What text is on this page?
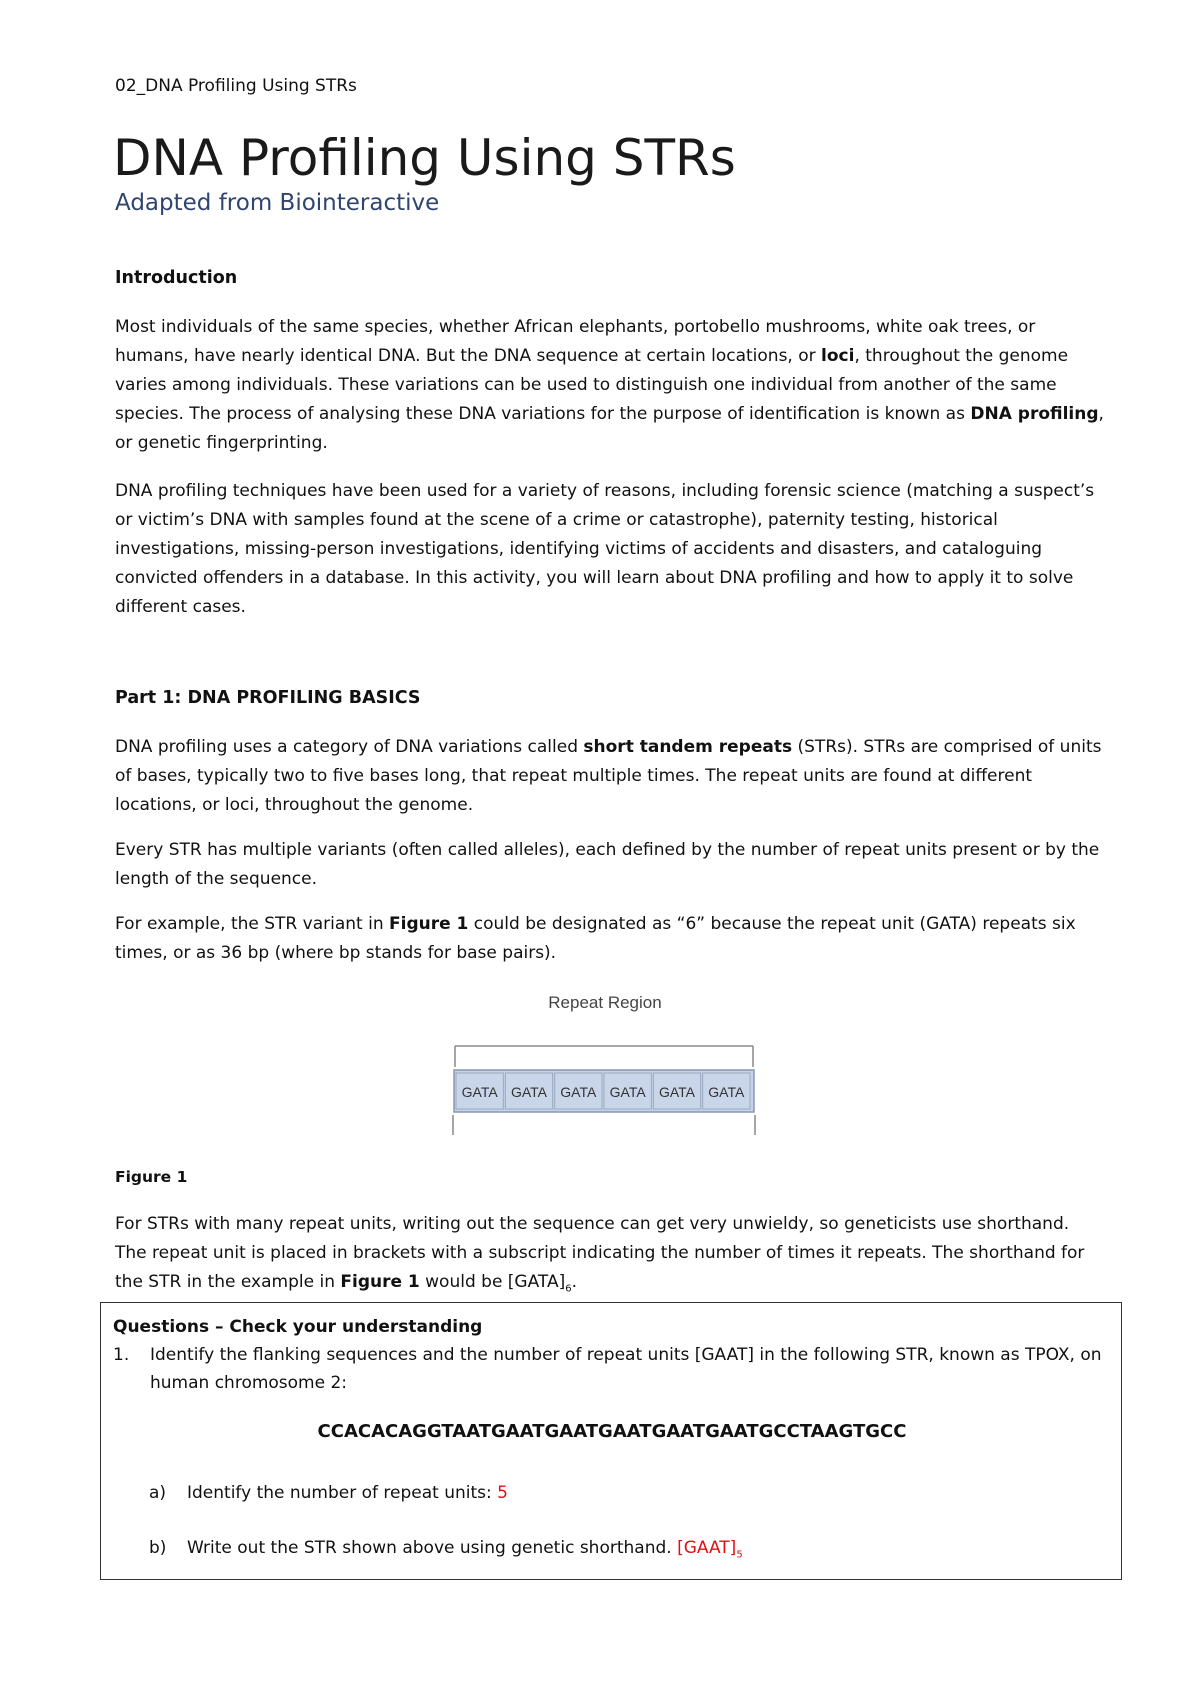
02_DNA Profiling Using STRs
DNA Profiling Using STRs
Adapted from Biointeractive
Introduction
Most individuals of the same species, whether African elephants, portobello mushrooms, white oak trees, or humans, have nearly identical DNA. But the DNA sequence at certain locations, or loci, throughout the genome varies among individuals. These variations can be used to distinguish one individual from another of the same species. The process of analysing these DNA variations for the purpose of identification is known as DNA profiling, or genetic fingerprinting.
DNA profiling techniques have been used for a variety of reasons, including forensic science (matching a suspect’s or victim’s DNA with samples found at the scene of a crime or catastrophe), paternity testing, historical investigations, missing-person investigations, identifying victims of accidents and disasters, and cataloguing convicted offenders in a database. In this activity, you will learn about DNA profiling and how to apply it to solve different cases.
Part 1: DNA PROFILING BASICS
DNA profiling uses a category of DNA variations called short tandem repeats (STRs). STRs are comprised of units of bases, typically two to five bases long, that repeat multiple times. The repeat units are found at different locations, or loci, throughout the genome.
Every STR has multiple variants (often called alleles), each defined by the number of repeat units present or by the length of the sequence.
For example, the STR variant in Figure 1 could be designated as “6” because the repeat unit (GATA) repeats six times, or as 36 bp (where bp stands for base pairs).
Repeat Region
GATA GATA GATA GATA GATA GATA
Figure 1
For STRs with many repeat units, writing out the sequence can get very unwieldy, so geneticists use shorthand. The repeat unit is placed in brackets with a subscript indicating the number of times it repeats. The shorthand for the STR in the example in Figure 1 would be $[GATA]_6$.
Questions – Check your understanding
1. Identify the flanking sequences and the number of repeat units [GAAT] in the following STR, known as TPOX, on human chromosome 2:
CCACACAGGTAATGAATGAATGAATGAATGAATGCCTAAGTGCC
a) Identify the number of repeat units: 5
b) Write out the STR shown above using genetic shorthand. $[GAAT]_5$
